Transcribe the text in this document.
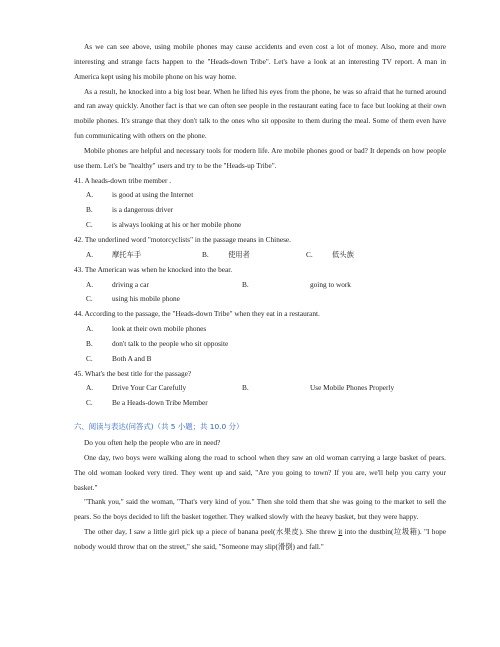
As we can see above, using mobile phones may cause accidents and even cost a lot of money. Also, more and more interesting and strange facts happen to the "Heads-down Tribe". Let's have a look at an interesting TV report. A man in America kept using his mobile phone on his way home.

As a result, he knocked into a big lost bear. When he lifted his eyes from the phone, he was so afraid that he turned around and ran away quickly. Another fact is that we can often see people in the restaurant eating face to face but looking at their own mobile phones. It's strange that they don't talk to the ones who sit opposite to them during the meal. Some of them even have fun communicating with others on the phone.

Mobile phones are helpful and necessary tools for modern life. Are mobile phones good or bad? It depends on how people use them. Let's be "healthy" users and try to be the "Heads-up Tribe".

41. A heads-down tribe member .

A.	is good at using the Internet
B.	is a dangerous driver
C.	is always looking at his or her mobile phone

42. The underlined word "motorcyclists" in the passage means in Chinese.

A.	摩托车手	B.	使用者	C.	低头族

43. The American was when he knocked into the bear.

A.	driving a car	B.	going to work
C.	using his mobile phone

44. According to the passage, the "Heads-down Tribe" when they eat in a restaurant.

A.	look at their own mobile phones
B.	don't talk to the people who sit opposite
C.	Both A and B

45. What's the best title for the passage?

A.	Drive Your Car Carefully	B.	Use Mobile Phones Properly
C.	Be a Heads-down Tribe Member
六、阅读与表达(问答式)（共 5 小题；共 10.0 分）

Do you often help the people who are in need?

One day, two boys were walking along the road to school when they saw an old woman carrying a large basket of pears. The old woman looked very tired. They went up and said, "Are you going to town? If you are, we'll help you carry your basket."

"Thank you," said the woman, "That's very kind of you." Then she told them that she was going to the market to sell the pears. So the boys decided to lift the basket together. They walked slowly with the heavy basket, but they were happy.

The other day, I saw a little girl pick up a piece of banana peel(水果皮). She threw it into the dustbin(垃圾箱). "I hope nobody would throw that on the street," she said, "Someone may slip(滑倒) and fall."
